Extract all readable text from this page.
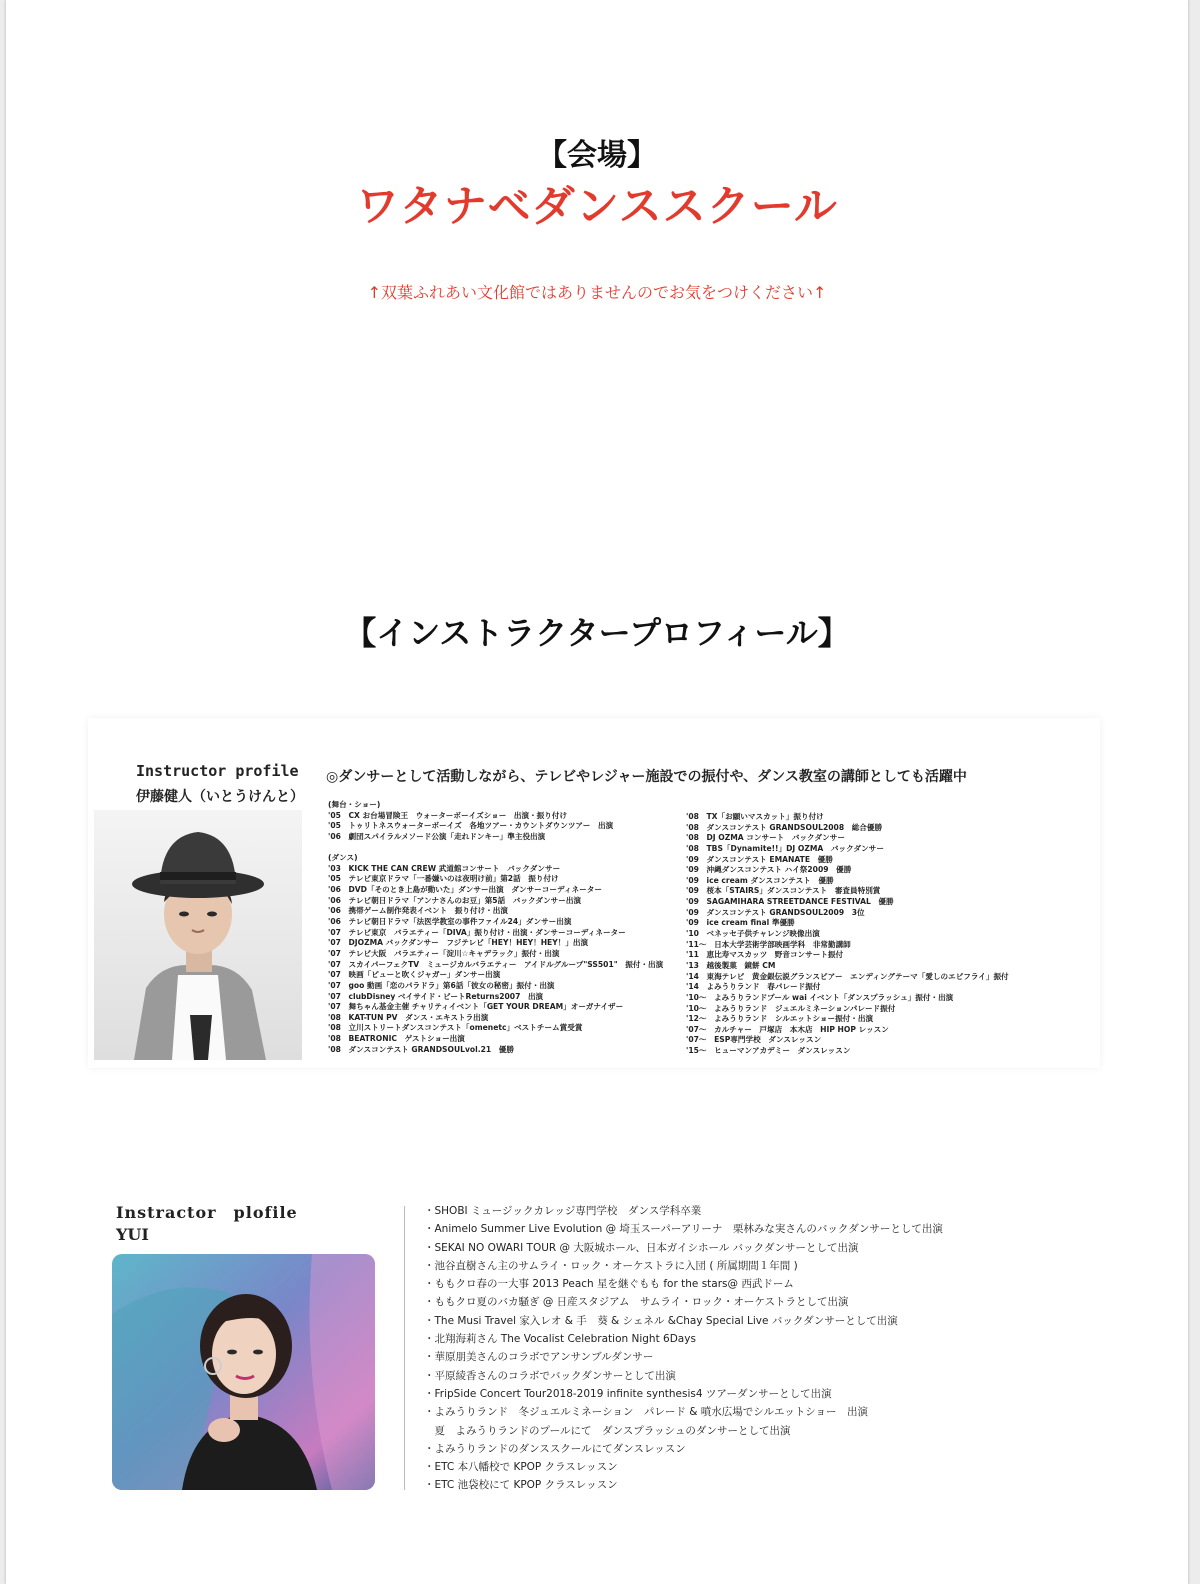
【会場】
ワタナベダンススクール
↑双葉ふれあい文化館ではありませんのでお気をつけください↑
【インストラクタープロフィール】
Instructor profile
伊藤健人（いとうけんと）
◎ダンサーとして活動しながら、テレビやレジャー施設での振付や、ダンス教室の講師としても活躍中
(舞台・ショー)
'05　CX お台場冒険王　ウォーターボーイズショー　出演・振り付け
'05　トゥリトネスウォーターボーイズ　各地ツアー・カウントダウンツアー　出演
'06　劇団スパイラルメソード公演「走れドンキー」準主役出演
(ダンス)
'03　KICK THE CAN CREW 武道館コンサート　バックダンサー
'05　テレビ東京ドラマ「一番嫌いのは夜明け前」第2話　振り付け
'06　DVD「そのとき上島が動いた」ダンサー出演　ダンサーコーディネーター
'06　テレビ朝日ドラマ「アンナさんのお豆」第5話　バックダンサー出演
'06　携帯ゲーム制作発表イベント　振り付け・出演
'06　テレビ朝日ドラマ「法医学教室の事件ファイル24」ダンサー出演
'07　テレビ東京　バラエティー「DIVA」振り付け・出演・ダンサーコーディネーター
'07　DJOZMA バックダンサー　フジテレビ「HEY！HEY！HEY！」出演
'07　テレビ大阪　バラエティー「淀川☆キャデラック」振付・出演
'07　スカイパーフェクTV　ミュージカルバラエティー　アイドルグループ"SS501"　振付・出演
'07　映画「ピューと吹くジャガー」ダンサー出演
'07　goo 動画「恋のパラドラ」第6話「彼女の秘密」振付・出演
'07　clubDisney ベイサイド・ビートReturns2007　出演
'07　舞ちゃん基金主催 チャリティイベント「GET YOUR DREAM」オーガナイザー
'08　KAT-TUN PV　ダンス・エキストラ出演
'08　立川ストリートダンスコンテスト「omenetc」ベストチーム賞受賞
'08　BEATRONIC　ゲストショー出演
'08　ダンスコンテスト GRANDSOULvol.21　優勝
'08　TX「お願いマスカット」振り付け
'08　ダンスコンテスト GRANDSOUL2008　総合優勝
'08　DJ OZMA コンサート　バックダンサー
'08　TBS「Dynamite!!」DJ OZMA　バックダンサー
'09　ダンスコンテスト EMANATE　優勝
'09　沖縄ダンスコンテスト ハイ祭2009　優勝
'09　ice cream ダンスコンテスト　優勝
'09　桜本「STAIRS」ダンスコンテスト　審査員特別賞
'09　SAGAMIHARA STREETDANCE FESTIVAL　優勝
'09　ダンスコンテスト GRANDSOUL2009　3位
'09　ice cream final 準優勝
'10　ベネッセ子供チャレンジ映像出演
'11〜　日本大学芸術学部映画学科　非常勤講師
'11　恵比寿マスカッツ　野音コンサート振付
'13　越後製菓　鏡餅 CM
'14　東海テレビ　黄金銀伝説グランスピアー　エンディングテーマ「愛しのエビフライ」振付
'14　よみうりランド　春パレード振付
'10〜　よみうりランドプール wai イベント「ダンスプラッシュ」振付・出演
'10〜　よみうりランド　ジュエルミネーションパレード振付
'12〜　よみうりランド　シルエットショー振付・出演
'07〜　カルチャー　戸塚店　本木店　HIP HOP レッスン
'07〜　ESP専門学校　ダンスレッスン
'15〜　ヒューマンアカデミー　ダンスレッスン
Instractor　plofile
YUI
・SHOBI ミュージックカレッジ専門学校　ダンス学科卒業
・Animelo Summer Live Evolution @ 埼玉スーパーアリーナ　栗林みな実さんのバックダンサーとして出演
・SEKAI NO OWARI TOUR @ 大阪城ホール、日本ガイシホール バックダンサーとして出演
・池谷直樹さん主のサムライ・ロック・オーケストラに入団 ( 所属期間１年間 )
・ももクロ春の一大事 2013 Peach 星を継ぐもも for the stars@ 西武ドーム
・ももクロ夏のバカ騒ぎ @ 日産スタジアム　サムライ・ロック・オーケストラとして出演
・The Musi Travel 家入レオ & 手　葵 & シェネル &Chay Special Live バックダンサーとして出演
・北翔海莉さん The Vocalist Celebration Night 6Days
・華原朋美さんのコラボでアンサンブルダンサー
・平原綾香さんのコラボでバックダンサーとして出演
・FripSide Concert Tour2018-2019 infinite synthesis4 ツアーダンサーとして出演
・よみうりランド　冬ジュエルミネーション　パレード & 噴水広場でシルエットショー　出演
　夏　よみうりランドのプールにて　ダンスプラッシュのダンサーとして出演
・よみうりランドのダンススクールにてダンスレッスン
・ETC 本八幡校で KPOP クラスレッスン
・ETC 池袋校にて KPOP クラスレッスン
